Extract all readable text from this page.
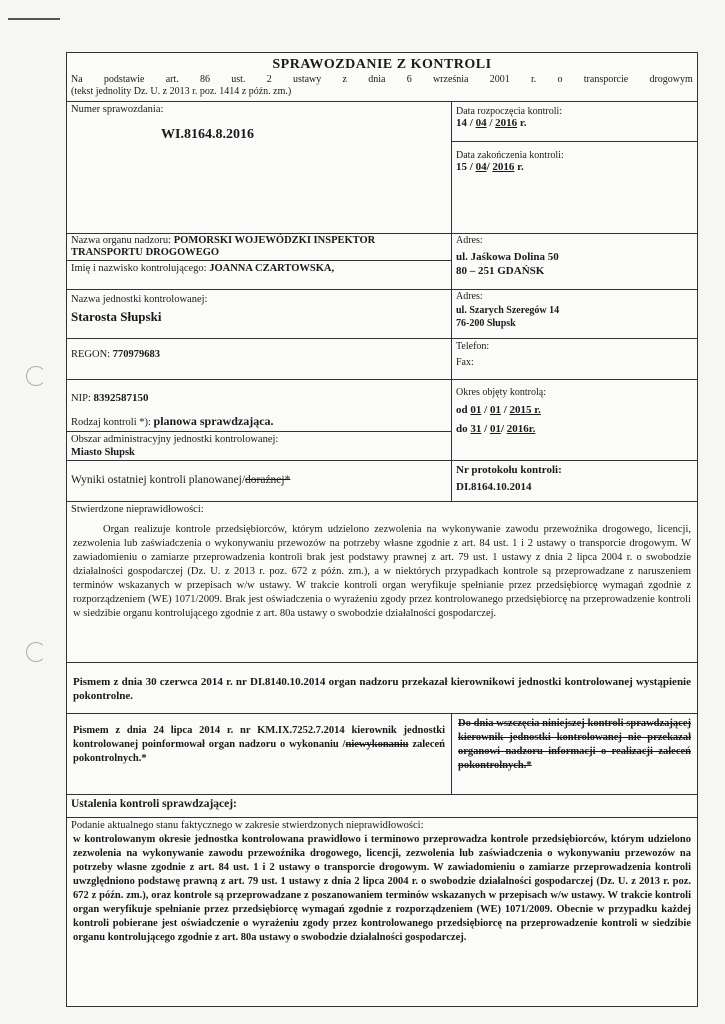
SPRAWOZDANIE Z KONTROLI
Na podstawie art. 86 ust. 2 ustawy z dnia 6 września 2001 r. o transporcie drogowym
(tekst jednolity Dz. U. z 2013 r. poz. 1414 z późn. zm.)
Numer sprawozdania:
WI.8164.8.2016
Data rozpoczęcia kontroli:
14 / 04 / 2016 r.
Data zakończenia kontroli:
15 / 04/ 2016 r.
Nazwa organu nadzoru: POMORSKI WOJEWÓDZKI INSPEKTOR TRANSPORTU DROGOWEGO
Imię i nazwisko kontrolującego: JOANNA CZARTOWSKA,
Adres:
ul. Jaśkowa Dolina 50
80 – 251 GDAŃSK
Nazwa jednostki kontrolowanej:
Starosta Słupski
Adres:
ul. Szarych Szeregów 14
76-200 Słupsk
REGON: 770979683
Telefon:
Fax:
NIP: 8392587150
Rodzaj kontroli *): planowa sprawdzająca.
Obszar administracyjny jednostki kontrolowanej:
Miasto Słupsk
Okres objęty kontrolą:
od 01 / 01 / 2015 r.
do 31 / 01/ 2016r.
Wyniki ostatniej kontroli planowanej/doraźnej*
Nr protokołu kontroli:
DI.8164.10.2014
Stwierdzone nieprawidłowości:
Organ realizuje kontrole przedsiębiorców, którym udzielono zezwolenia na wykonywanie zawodu przewoźnika drogowego, licencji, zezwolenia lub zaświadczenia o wykonywaniu przewozów na potrzeby własne zgodnie z art. 84 ust. 1 i 2 ustawy o transporcie drogowym. W zawiadomieniu o zamiarze przeprowadzenia kontroli brak jest podstawy prawnej z art. 79 ust. 1 ustawy z dnia 2 lipca 2004 r. o swobodzie działalności gospodarczej (Dz. U. z 2013 r. poz. 672 z późn. zm.), a w niektórych przypadkach kontrole są przeprowadzane z naruszeniem terminów wskazanych w przepisach w/w ustawy. W trakcie kontroli organ weryfikuje spełnianie przez przedsiębiorcę wymagań zgodnie z rozporządzeniem (WE) 1071/2009. Brak jest oświadczenia o wyrażeniu zgody przez kontrolowanego przedsiębiorcę na przeprowadzenie kontroli w siedzibie organu kontrolującego zgodnie z art. 80a ustawy o swobodzie działalności gospodarczej.
Pismem z dnia 30 czerwca 2014 r. nr DI.8140.10.2014 organ nadzoru przekazał kierownikowi jednostki kontrolowanej wystąpienie pokontrolne.
Pismem z dnia 24 lipca 2014 r. nr KM.IX.7252.7.2014 kierownik jednostki kontrolowanej poinformował organ nadzoru o wykonaniu /niewykonaniu zaleceń pokontrolnych.*
Do dnia wszczęcia niniejszej kontroli sprawdzającej kierownik jednostki kontrolowanej nie przekazał organowi nadzoru informacji o realizacji zaleceń pokontrolnych.*
Ustalenia kontroli sprawdzającej:
Podanie aktualnego stanu faktycznego w zakresie stwierdzonych nieprawidłowości:
w kontrolowanym okresie jednostka kontrolowana prawidłowo i terminowo przeprowadza kontrole przedsiębiorców, którym udzielono zezwolenia na wykonywanie zawodu przewoźnika drogowego, licencji, zezwolenia lub zaświadczenia o wykonywaniu przewozów na potrzeby własne zgodnie z art. 84 ust. 1 i 2 ustawy o transporcie drogowym. W zawiadomieniu o zamiarze przeprowadzenia kontroli uwzględniono podstawę prawną z art. 79 ust. 1 ustawy z dnia 2 lipca 2004 r. o swobodzie działalności gospodarczej (Dz. U. z 2013 r. poz. 672 z późn. zm.), oraz kontrole są przeprowadzane z poszanowaniem terminów wskazanych w przepisach w/w ustawy. W trakcie kontroli organ weryfikuje spełnianie przez przedsiębiorcę wymagań zgodnie z rozporządzeniem (WE) 1071/2009. Obecnie w przypadku każdej kontroli pobierane jest oświadczenie o wyrażeniu zgody przez kontrolowanego przedsiębiorcę na przeprowadzenie kontroli w siedzibie organu kontrolującego zgodnie z art. 80a ustawy o swobodzie działalności gospodarczej.
